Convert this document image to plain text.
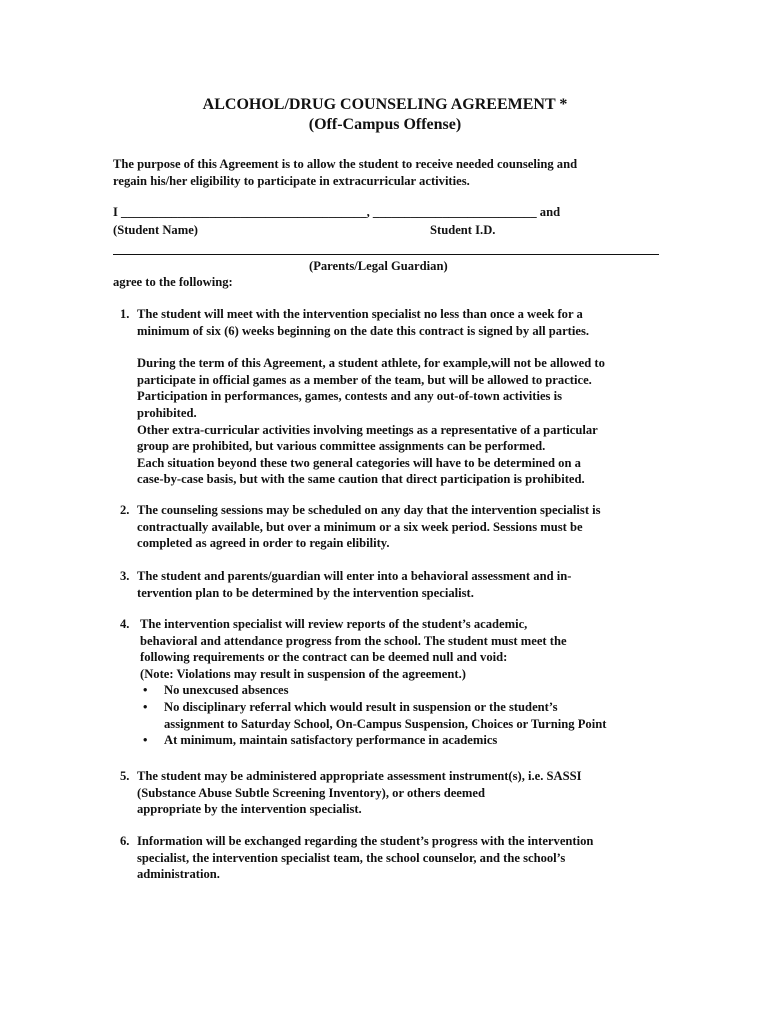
ALCOHOL/DRUG COUNSELING AGREEMENT *
(Off-Campus Offense)
The purpose of this Agreement is to allow the student to receive needed counseling and
regain his/her eligibility to participate in extracurricular activities.
I _______________________________________, __________________________ and
(Student Name)	Student I.D.
(Parents/Legal Guardian)
agree to the following:
1. The student will meet with the intervention specialist no less than once a week for a

minimum of six (6) weeks beginning on the date this contract is signed by all parties.

During the term of this Agreement, a student athlete, for example,will not be allowed to

participate in official games as a member of the team, but will be allowed to practice.

Participation in performances, games, contests and any out-of-town activities is

prohibited.

Other extra-curricular activities involving meetings as a representative of a particular

group are prohibited, but various committee assignments can be performed.

Each situation beyond these two general categories will have to be determined on a

case-by-case basis, but with the same caution that direct participation is prohibited.

2. The counseling sessions may be scheduled on any day that the intervention specialist is

contractually available, but over a minimum or a six week period. Sessions must be

completed as agreed in order to regain elibility.

3. The student and parents/guardian will enter into a behavioral assessment and in-

tervention plan to be determined by the intervention specialist.

4. The intervention specialist will review reports of the student’s academic,

behavioral and attendance progress from the school. The student must meet the

following requirements or the contract can be deemed null and void:

(Note: Violations may result in suspension of the agreement.)

• No unexcused absences
• No disciplinary referral which would result in suspension or the student’s
assignment to Saturday School, On-Campus Suspension, Choices or Turning Point
• At minimum, maintain satisfactory performance in academics
5. The student may be administered appropriate assessment instrument(s), i.e. SASSI

(Substance Abuse Subtle Screening Inventory), or others deemed

appropriate by the intervention specialist.

6. Information will be exchanged regarding the student’s progress with the intervention

specialist, the intervention specialist team, the school counselor, and the school’s

administration.
